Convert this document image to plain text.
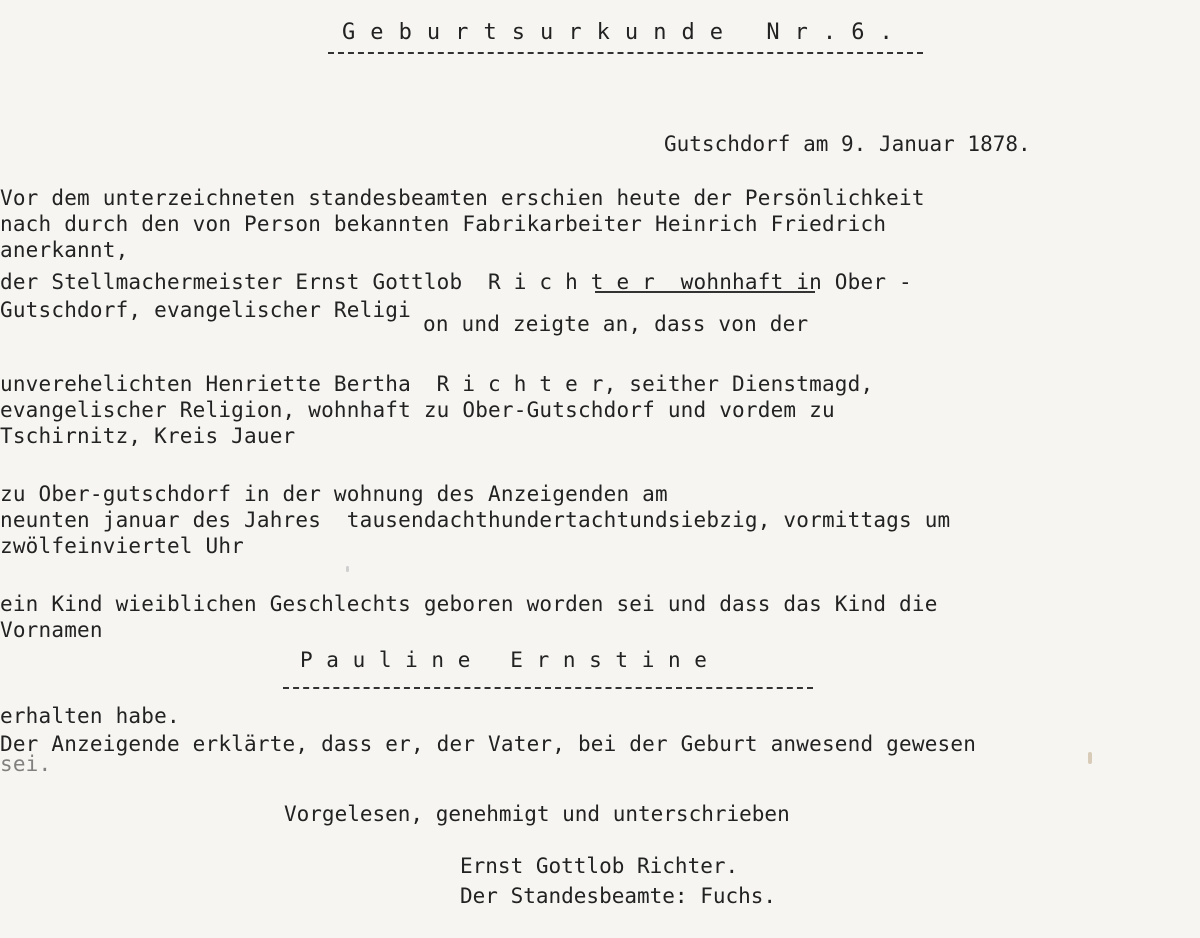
G e b u r t s u r k u n d e   N r . 6 .
Gutschdorf am 9. Januar 1878.
Vor dem unterzeichneten standesbeamten erschien heute der Persönlichkeit
nach durch den von Person bekannten Fabrikarbeiter Heinrich Friedrich
anerkannt,
der Stellmachermeister Ernst Gottlob  R i c h t e r  wohnhaft in Ober -
Gutschdorf, evangelischer Religi
on und zeigte an, dass von der
unverehelichten Henriette Bertha  R i c h t e r, seither Dienstmagd,
evangelischer Religion, wohnhaft zu Ober-Gutschdorf und vordem zu
Tschirnitz, Kreis Jauer
zu Ober-gutschdorf in der wohnung des Anzeigenden am
neunten januar des Jahres  tausendachthundertachtundsiebzig, vormittags um
zwölfeinviertel Uhr
ein Kind wieiblichen Geschlechts geboren worden sei und dass das Kind die
Vornamen
P a u l i n e   E r n s t i n e
erhalten habe.
Der Anzeigende erklärte, dass er, der Vater, bei der Geburt anwesend gewesen
sei.
Vorgelesen, genehmigt und unterschrieben
Ernst Gottlob Richter.
Der Standesbeamte: Fuchs.
